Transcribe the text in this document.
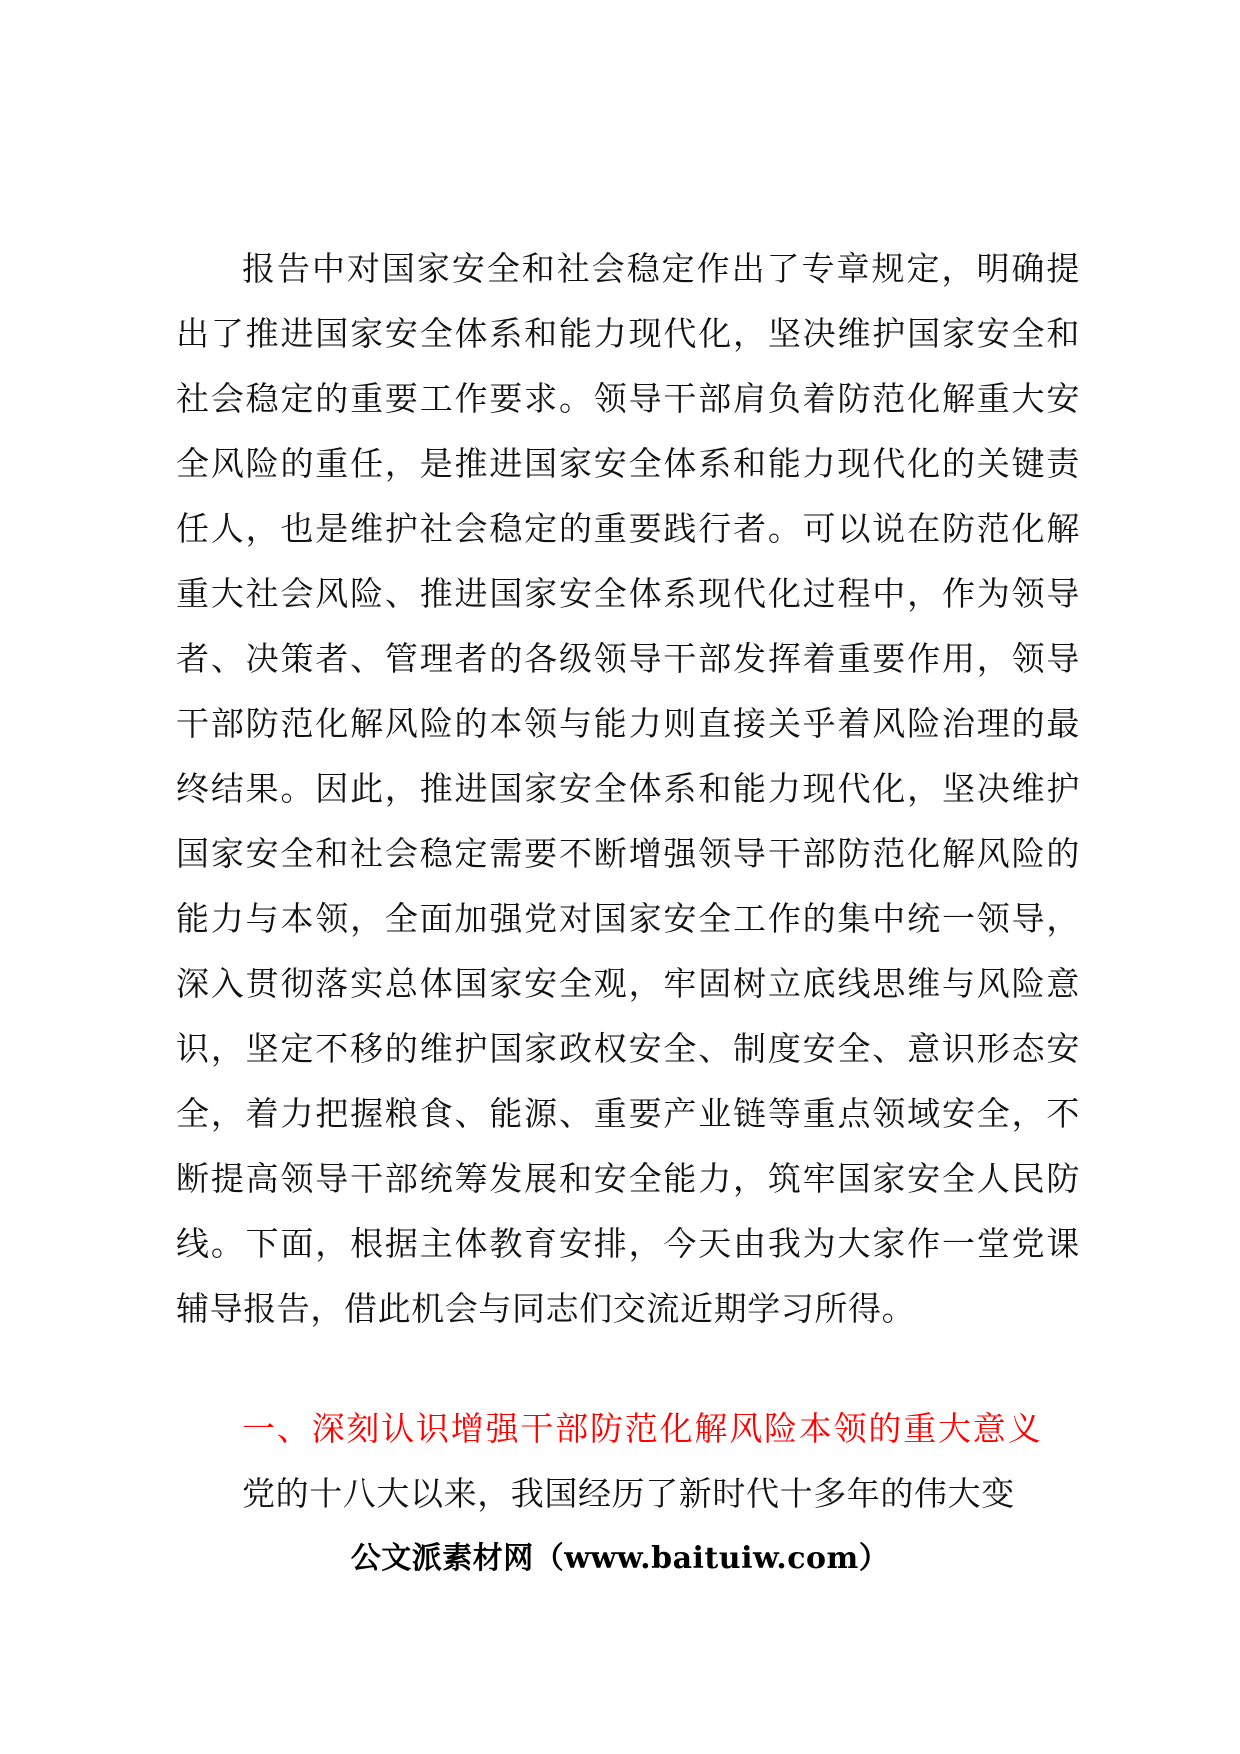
报告中对国家安全和社会稳定作出了专章规定，明确提出了推进国家安全体系和能力现代化，坚决维护国家安全和社会稳定的重要工作要求。领导干部肩负着防范化解重大安全风险的重任，是推进国家安全体系和能力现代化的关键责任人，也是维护社会稳定的重要践行者。可以说在防范化解重大社会风险、推进国家安全体系现代化过程中，作为领导者、决策者、管理者的各级领导干部发挥着重要作用，领导干部防范化解风险的本领与能力则直接关乎着风险治理的最终结果。因此，推进国家安全体系和能力现代化，坚决维护国家安全和社会稳定需要不断增强领导干部防范化解风险的能力与本领，全面加强党对国家安全工作的集中统一领导，深入贯彻落实总体国家安全观，牢固树立底线思维与风险意识，坚定不移的维护国家政权安全、制度安全、意识形态安全，着力把握粮食、能源、重要产业链等重点领域安全，不断提高领导干部统筹发展和安全能力，筑牢国家安全人民防线。下面，根据主体教育安排，今天由我为大家作一堂党课辅导报告，借此机会与同志们交流近期学习所得。

一、深刻认识增强干部防范化解风险本领的重大意义
党的十八大以来，我国经历了新时代十多年的伟大变
公文派素材网（www.baituiw.com）
